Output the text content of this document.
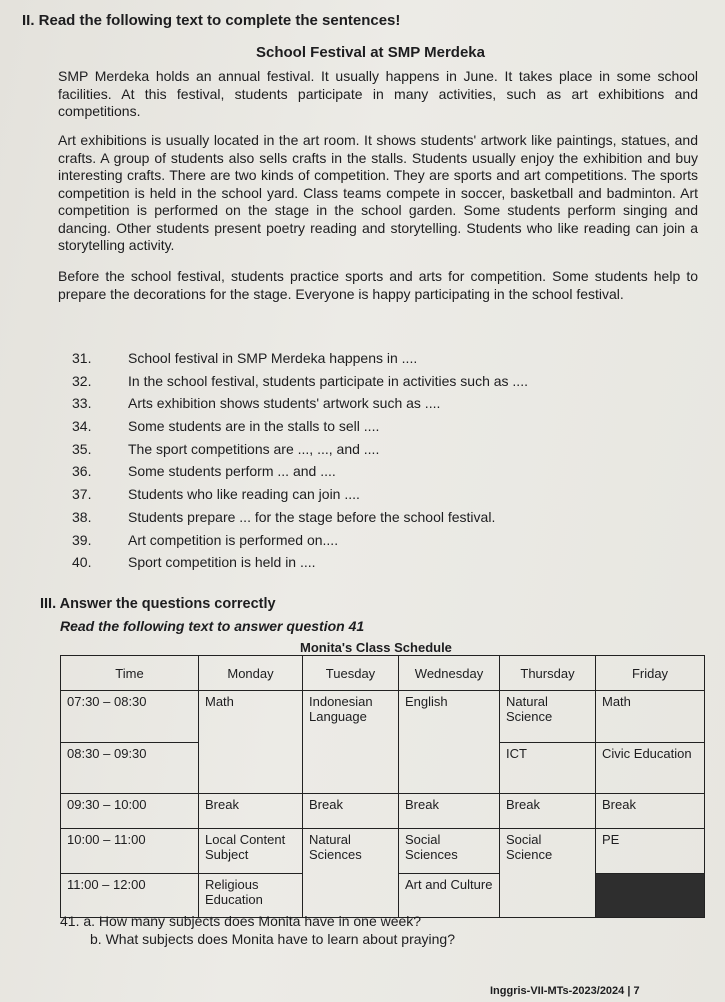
II. Read the following text to complete the sentences!
School Festival at SMP Merdeka

SMP Merdeka holds an annual festival. It usually happens in June. It takes place in some school facilities. At this festival, students participate in many activities, such as art exhibitions and competitions.

Art exhibitions is usually located in the art room. It shows students' artwork like paintings, statues, and crafts. A group of students also sells crafts in the stalls. Students usually enjoy the exhibition and buy interesting crafts. There are two kinds of competition. They are sports and art competitions. The sports competition is held in the school yard. Class teams compete in soccer, basketball and badminton. Art competition is performed on the stage in the school garden. Some students perform singing and dancing. Other students present poetry reading and storytelling. Students who like reading can join a storytelling activity.

Before the school festival, students practice sports and arts for competition. Some students help to prepare the decorations for the stage. Everyone is happy participating in the school festival.

31.	School festival in SMP Merdeka happens in ....
32.	In the school festival, students participate in activities such as ....
33.	Arts exhibition shows students' artwork such as ....
34.	Some students are in the stalls to sell ....
35.	The sport competitions are ..., ..., and ....
36.	Some students perform ... and ....
37.	Students who like reading can join ....
38.	Students prepare ... for the stage before the school festival.
39.	Art competition is performed on....
40.	Sport competition is held in ....
III. Answer the questions correctly
Read the following text to answer question 41
Monita's Class Schedule
Time	Monday	Tuesday	Wednesday	Thursday	Friday
07:30 – 08:30	Math	Indonesian Language	English	Natural Science	Math
08:30 – 09:30				ICT	Civic Education
09:30 – 10:00	Break	Break	Break	Break	Break
10:00 – 11:00	Local Content Subject	Natural Sciences	Social Sciences	Social Science	PE
11:00 – 12:00	Religious Education		Art and Culture		
41. a. How many subjects does Monita have in one week?
b. What subjects does Monita have to learn about praying?
Inggris-VII-MTs-2023/2024 | 7
